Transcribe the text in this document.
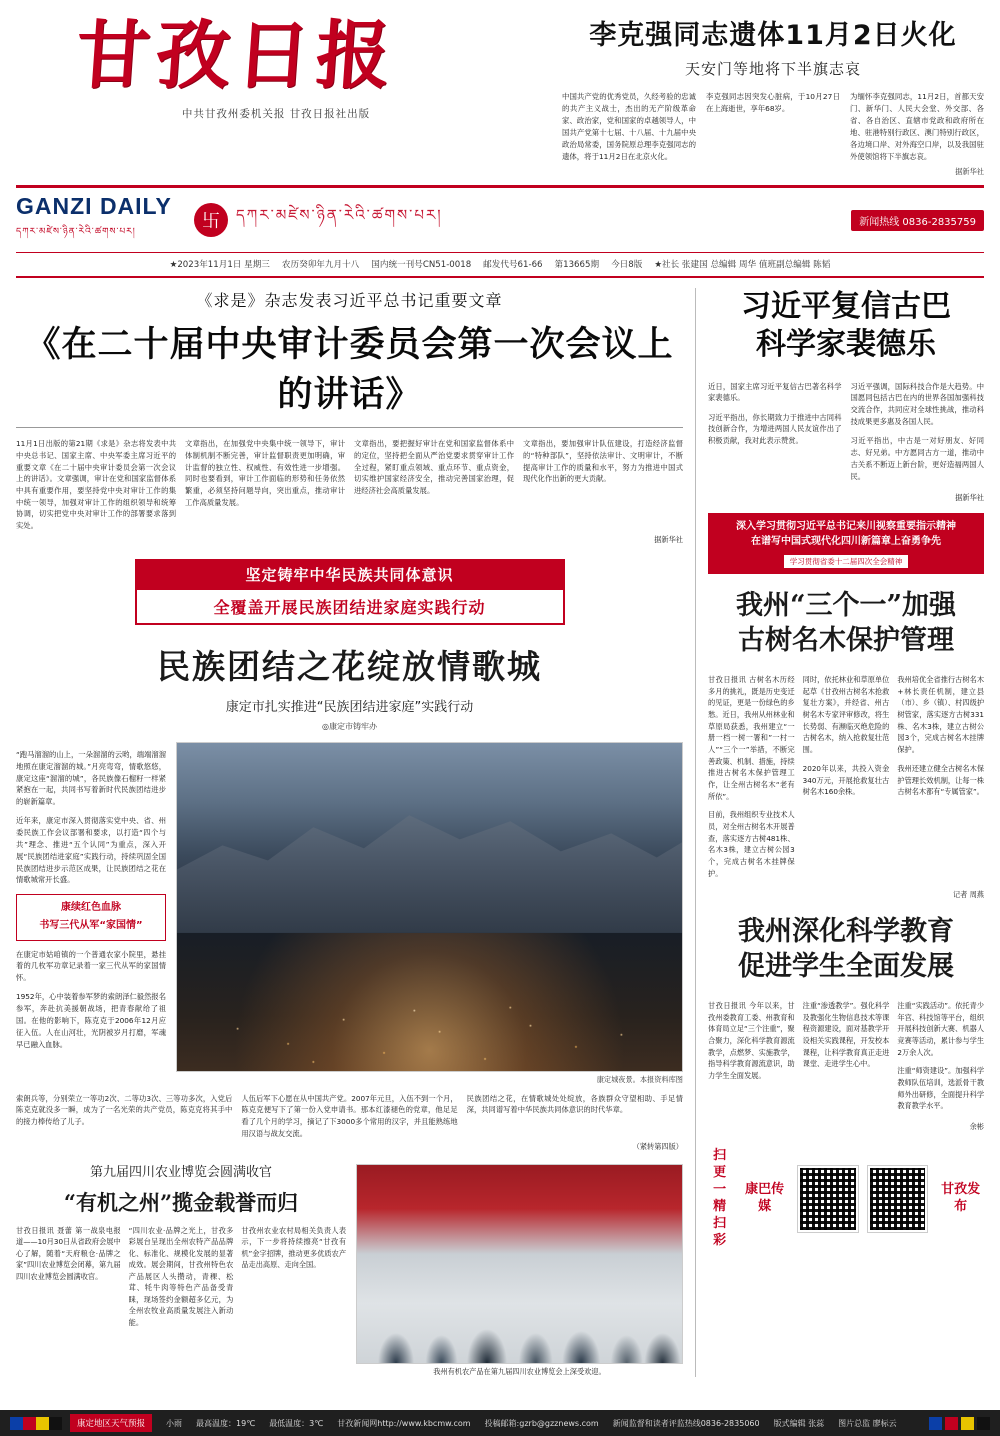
甘孜日报
中共甘孜州委机关报 甘孜日报社出版
李克强同志遗体11月2日火化
天安门等地将下半旗志哀
中国共产党的优秀党员，久经考验的忠诚的共产主义战士，杰出的无产阶级革命家、政治家，党和国家的卓越领导人，中国共产党第十七届、十八届、十九届中央政治局常委，国务院原总理李克强同志的遗体，将于11月2日在北京火化。
李克强同志因突发心脏病，于10月27日在上海逝世，享年68岁。
为缅怀李克强同志，11月2日，首都天安门、新华门、人民大会堂、外交部、各省、各自治区、直辖市党政和政府所在地、驻港特别行政区、澳门特别行政区，各边境口岸、对外海空口岸，以及我国驻外使领馆将下半旗志哀。
据新华社
GANZI DAILY
དཀར་མཛེས་ཉིན་རེའི་ཚགས་པར།	卐	དཀར་མཛེས་ཉིན་རེའི་ཚགས་པར།	新闻热线 0836-2835759
★2023年11月1日 星期三 农历癸卯年九月十八 国内统一刊号CN51-0018 邮发代号61-66 第13665期 今日8版 ★社长 张建国 总编辑 周华 值班副总编辑 陈韬
《求是》杂志发表习近平总书记重要文章
《在二十届中央审计委员会第一次会议上的讲话》
11月1日出版的第21期《求是》杂志将发表中共中央总书记、国家主席、中央军委主席习近平的重要文章《在二十届中央审计委员会第一次会议上的讲话》。文章强调，审计在党和国家监督体系中具有重要作用，要坚持党中央对审计工作的集中统一领导，加强对审计工作的组织领导和统筹协调，切实把党中央对审计工作的部署要求落到实处。
文章指出，在加强党中央集中统一领导下，审计体制机制不断完善，审计监督职责更加明确，审计监督的独立性、权威性、有效性进一步增强。同时也要看到，审计工作面临的形势和任务依然繁重，必须坚持问题导向，突出重点，推动审计工作高质量发展。
文章指出，要把握好审计在党和国家监督体系中的定位，坚持把全面从严治党要求贯穿审计工作全过程，紧盯重点领域、重点环节、重点资金，切实维护国家经济安全，推动完善国家治理，促进经济社会高质量发展。
文章指出，要加强审计队伍建设，打造经济监督的“特种部队”，坚持依法审计、文明审计，不断提高审计工作的质量和水平，努力为推进中国式现代化作出新的更大贡献。
据新华社
坚定铸牢中华民族共同体意识
全覆盖开展民族团结进家庭实践行动
民族团结之花绽放情歌城
康定市扎实推进“民族团结进家庭”实践行动
◎康定市铸牢办

“跑马溜溜的山上，一朵溜溜的云哟，端端溜溜地照在康定溜溜的城。”月亮弯弯，情歌悠悠，康定这座“溜溜的城”，各民族像石榴籽一样紧紧抱在一起，共同书写着新时代民族团结进步的崭新篇章。

近年来，康定市深入贯彻落实党中央、省、州委民族工作会议部署和要求，以打造“四个与共”理念、推进“五个认同”为重点，深入开展“民族团结进家庭”实践行动，持续巩固全国民族团结进步示范区成果，让民族团结之花在情歌城常开长盛。

康续红色血脉
书写三代从军“家国情”

在康定市姑咱镇的一个普通农家小院里，悬挂着的几枚军功章记录着一家三代从军的家国情怀。

1952年，心中装着参军梦的索朗泽仁毅然报名参军，奔赴抗美援朝战场，把青春献给了祖国。在他的影响下，陈克克于2006年12月应征入伍。人在山河壮，光阴被岁月打磨，军魂早已融入血脉。

康定城夜景。本报资料库图
索朗兵等，分别荣立一等功2次、二等功3次、三等功多次，入党后陈克克就没多一瞬，成为了一名光荣的共产党员，陈克克将其手中的接力棒传给了儿子。
人伍后军下心愿在从中国共产党。2007年元旦，入伍不到一个月，陈克克便写下了第一份入党申请书。那本红漆褪色的党章，他足足看了几个月的学习，摘记了下3000多个常用的汉字，并且能熟练地用汉语与战友交流。
民族团结之花，在情歌城处处绽放，各族群众守望相助、手足情深，共同谱写着中华民族共同体意识的时代华章。
（紧转第四版）
第九届四川农业博览会圆满收官
“有机之州”揽金载誉而归
甘孜日报讯 聂蕾 第一战泉电报道——10月30日从省政府会展中心了解，随着“天府粮仓·品牌之家”四川农业博览会闭幕，第九届四川农业博览会圆满收官。
“四川农业·品牌之光上，甘孜多彩展台呈现出全州农特产品品牌化、标准化、规模化发展的显著成效。展会期间，甘孜州特色农产品展区人头攒动，青稞、松茸、牦牛肉等特色产品备受青睐，现场签约金额超多亿元，为全州农牧业高质量发展注入新动能。
甘孜州农业农村局相关负责人表示，下一步将持续擦亮“甘孜有机”金字招牌，推动更多优质农产品走出高原、走向全国。
我州有机农产品在第九届四川农业博览会上深受欢迎。
习近平复信古巴
科学家裴德乐

近日，国家主席习近平复信古巴著名科学家裴德乐。

习近平指出，你长期致力于推进中古同科技创新合作，为增进两国人民友谊作出了积极贡献，我对此表示赞赏。

习近平强调，国际科技合作是大趋势。中国愿同包括古巴在内的世界各国加强科技交流合作，共同应对全球性挑战，推动科技成果更多惠及各国人民。

习近平指出，中古是一对好朋友、好同志、好兄弟。中方愿同古方一道，推动中古关系不断迈上新台阶，更好造福两国人民。

据新华社
深入学习贯彻习近平总书记来川视察重要指示精神
在谱写中国式现代化四川新篇章上奋勇争先
学习贯彻省委十二届四次全会精神
我州“三个一”加强
古树名木保护管理

甘孜日报讯 古树名木历经多月的挑礼，既是历史变迁的见证，更是一份绿色的乡愁。近日，我州从州林业和草原局获悉，我州建立“一册一档一树一署和”一村一人”“三个一”举措，不断完善政策、机制、措施，持续推进古树名木保护管理工作，让全州古树名木“老有所依”。

目前，我州组织专业技术人员，对全州古树名木开展普查，落实逐方古树481株、名木3株，建立古树公园3个，完成古树名木挂牌保护。

同时，依托林业和草原单位起草《甘孜州古树名木抢救复壮方案》，并经省、州古树名木专家评审修改，将生长势弱、有濒临灭绝危险的古树名木，纳入抢救复壮范围。

2020年以来，共投入资金340万元，开展抢救复壮古树名木160余株。

我州培优全省推行古树名木+林长责任机制，建立县（市）、乡（镇）、村四级护树管家，落实逐方古树331株、名木3株，建立古树公园3个，完成古树名木挂牌保护。

我州还建立健全古树名木保护管理长效机制，让每一株古树名木都有“专属管家”。

记者 周燕
我州深化科学教育
促进学生全面发展

甘孜日报讯 今年以来，甘孜州委教育工委、州教育和体育局立足“三个注重”，聚合聚力，深化科学教育源流教学，点燃梦、实施教学，指导科学教育源流意识，助力学生全面发展。

注重“渗透教学”。强化科学及教强化生物信息技术等课程资源建设，面对基教学开设相关实践课程，开发校本课程，让科学教育真正走进课堂、走进学生心中。

注重“实践活动”。依托青少年宫、科技馆等平台，组织开展科技创新大赛、机器人竞赛等活动，累计参与学生2万余人次。

注重“师资建设”。加强科学教师队伍培训，选派骨干教师外出研修，全面提升科学教育教学水平。

余彬
扫更
一精
扫彩
康巴传媒
甘孜发布
康定地区天气预报	小雨 最高温度：19℃ 最低温度：3℃ 甘孜新闻网http://www.kbcmw.com 投稿邮箱:gzrb@gzznews.com 新闻监督和读者评监热线0836-2835060 版式编辑 张蕊 图片总监 廖标云
